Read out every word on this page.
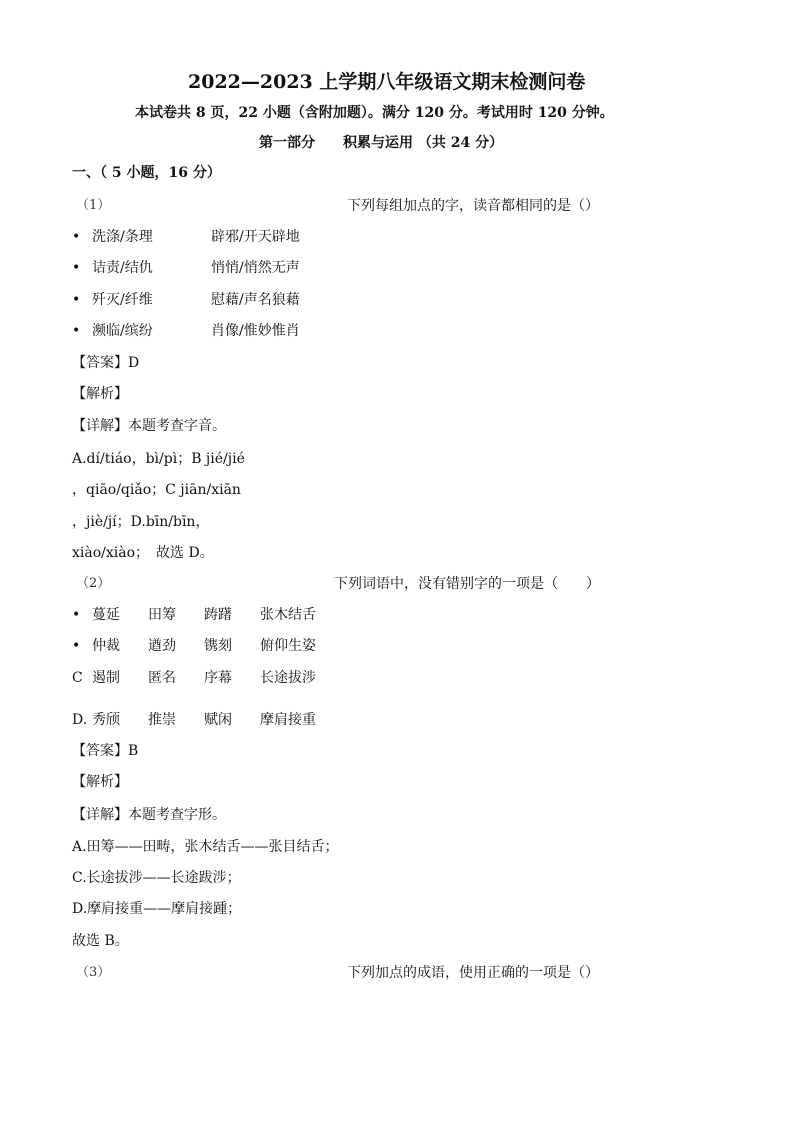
2022—2023 上学期八年级语文期末检测问卷
本试卷共 8 页，22 小题（含附加题）。满分 120 分。考试用时 120 分钟。
第一部分　　积累与运用 （共 24 分）
一、（ 5 小题，16 分）
（1）	下列每组加点的字，读音都相同的是（）
• 洗涤/条理	辟邪/开天辟地
• 诘责/结仇	悄悄/悄然无声
• 歼灭/纤维	慰藉/声名狼藉
• 濒临/缤纷	肖像/惟妙惟肖
【答案】D
【解析】
【详解】本题考查字音。
A.dí/tiáo，bì/pì；B jié/jié
，qiāo/qiǎo；C jiān/xiān
，jiè/jí；D.bīn/bīn，
xiào/xiào；　故选 D。
（2）	下列词语中，没有错别字的一项是（　　）
• 蔓延 田筹 踌躇 张木结舌
• 仲裁 遒劲 镌刻 俯仰生姿
C 遏制 匿名 序幕 长途拔涉
D. 秀颀 推崇 赋闲 摩肩接重
【答案】B
【解析】
【详解】本题考查字形。
A.田筹——田畴，张木结舌——张目结舌；
C.长途拔涉——长途跋涉；
D.摩肩接重——摩肩接踵；
故选 B。
（3）	下列加点的成语，使用正确的一项是（）
